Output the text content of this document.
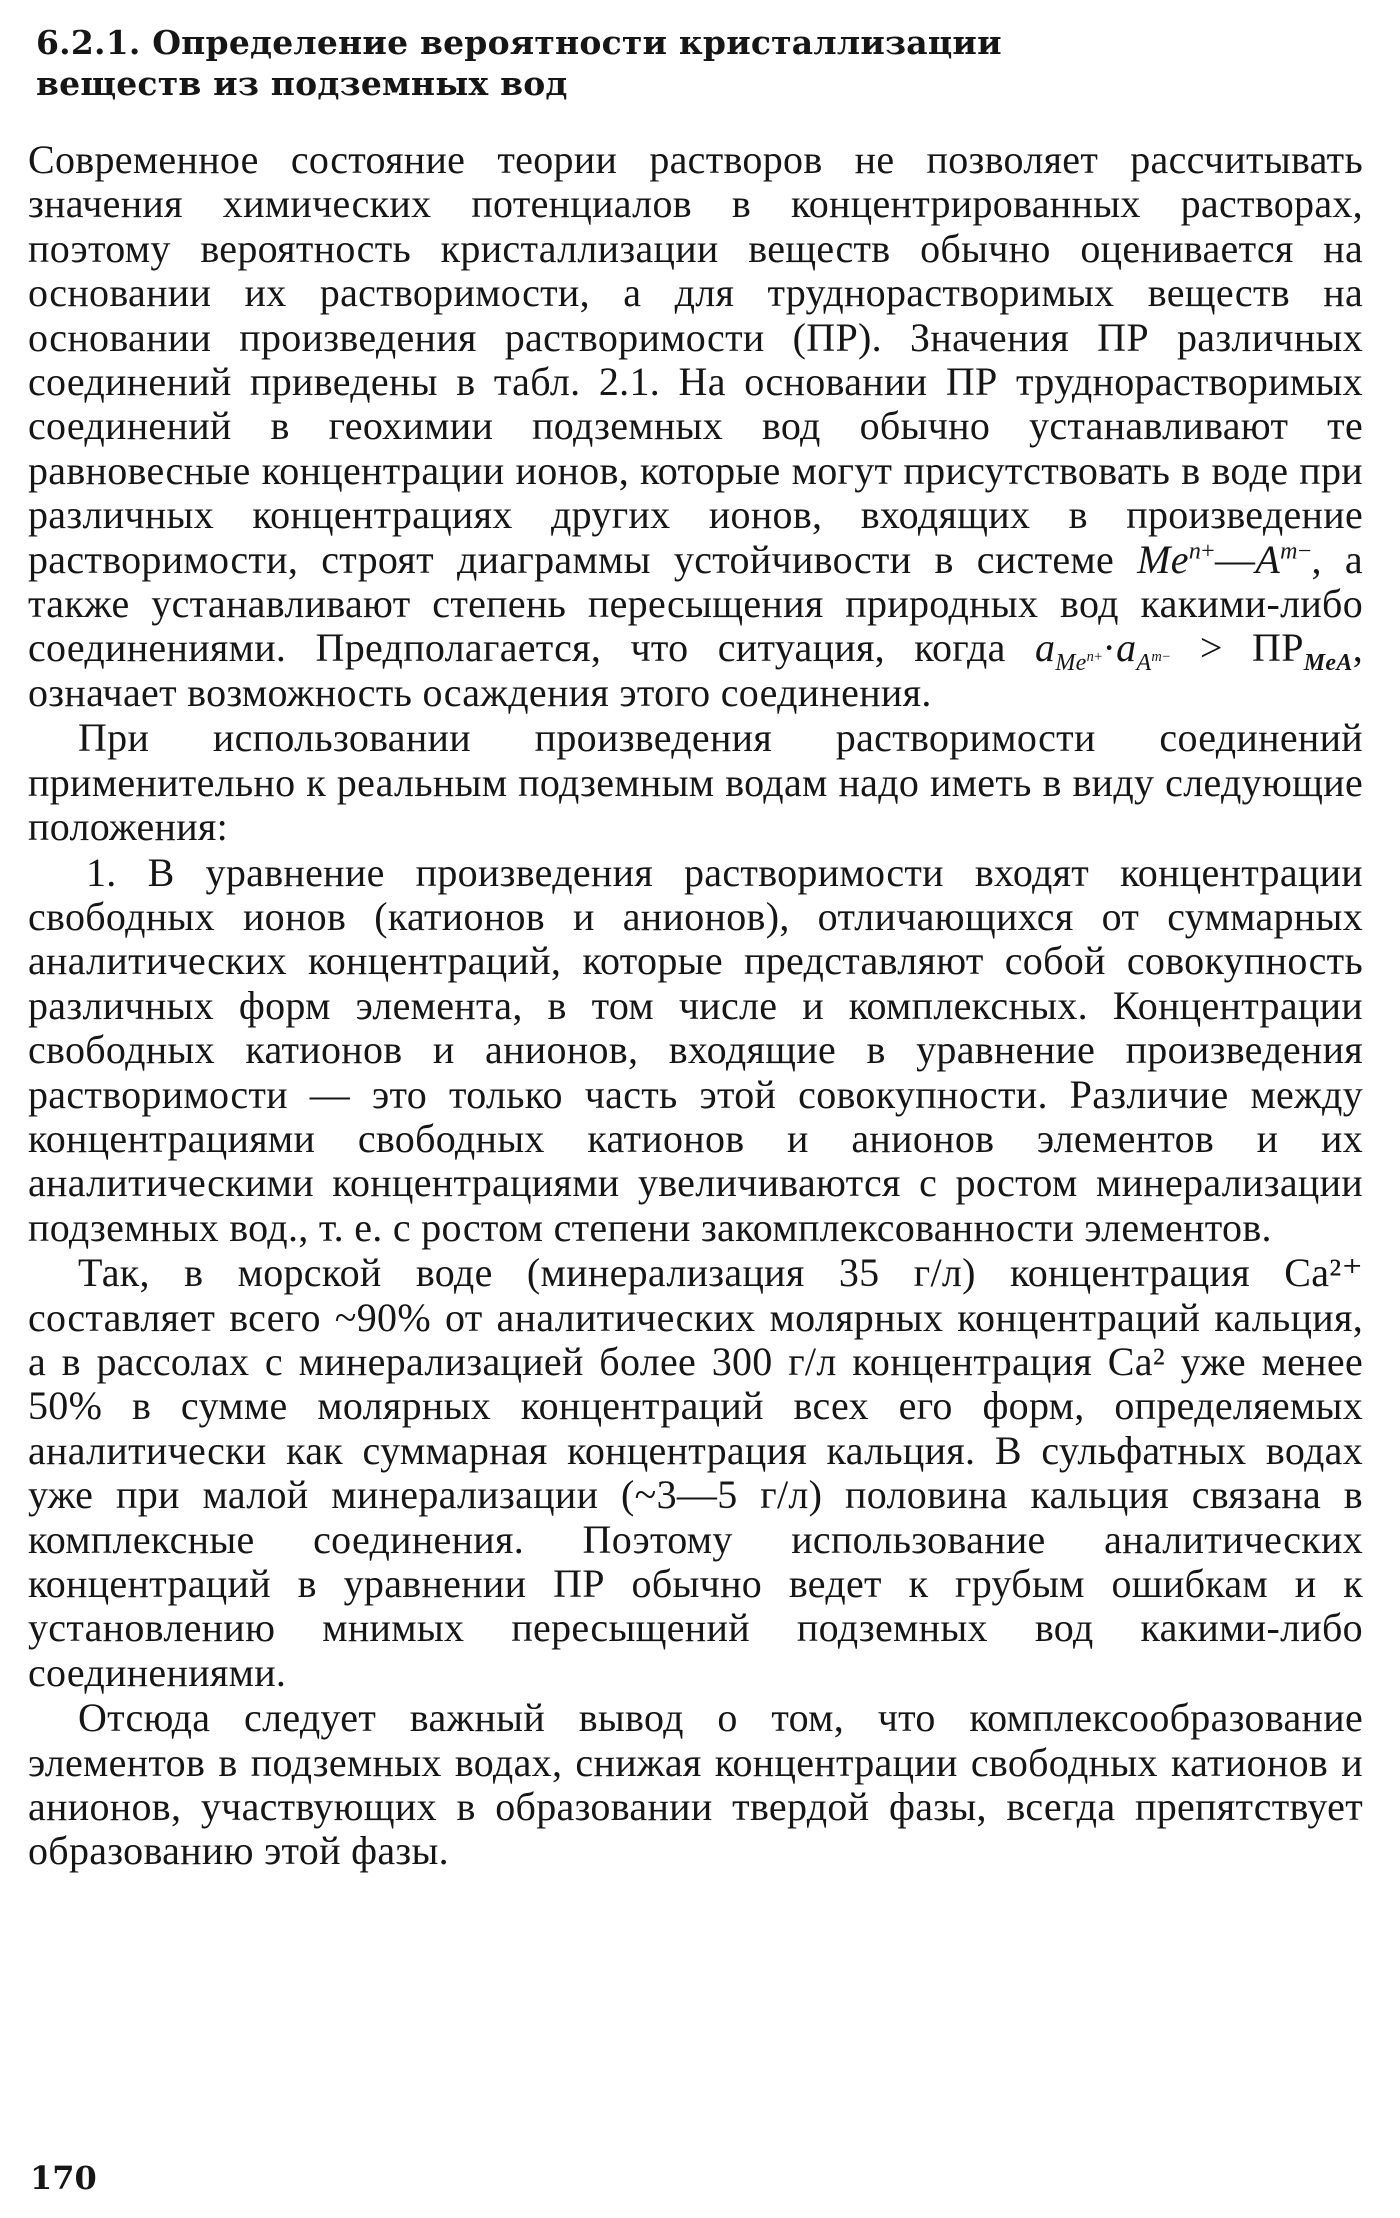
6.2.1. Определение вероятности кристаллизации
веществ из подземных вод

Современное состояние теории растворов не позволяет рассчитывать значения химических потенциалов в концентрированных растворах, поэтому вероятность кристаллизации веществ обычно оценивается на основании их растворимости, а для труднорастворимых веществ на основании произведения растворимости (ПР). Значения ПР различных соединений приведены в табл. 2.1. На основании ПР труднорастворимых соединений в геохимии подземных вод обычно устанавливают те равновесные концентрации ионов, которые могут присутствовать в воде при различных концентрациях других ионов, входящих в произведение растворимости, строят диаграммы устойчивости в системе $Me^{n+}—A^{m-}$, а также устанавливают степень пересыщения природных вод какими-либо соединениями. Предполагается, что ситуация, когда $a_{Me^{n+}}\cdot a_{A^{m-}} > ПР_{MeA}$, означает возможность осаждения этого соединения.

При использовании произведения растворимости соединений применительно к реальным подземным водам надо иметь в виду следующие положения:

1. В уравнение произведения растворимости входят концентрации свободных ионов (катионов и анионов), отличающихся от суммарных аналитических концентраций, которые представляют собой совокупность различных форм элемента, в том числе и комплексных. Концентрации свободных катионов и анионов, входящие в уравнение произведения растворимости — это только часть этой совокупности. Различие между концентрациями свободных катионов и анионов элементов и их аналитическими концентрациями увеличиваются с ростом минерализации подземных вод., т. е. с ростом степени закомплексованности элементов.

Так, в морской воде (минерализация 35 г/л) концентрация Ca²⁺ составляет всего ~90% от аналитических молярных концентраций кальция, а в рассолах с минерализацией более 300 г/л концентрация Ca² уже менее 50% в сумме молярных концентраций всех его форм, определяемых аналитически как суммарная концентрация кальция. В сульфатных водах уже при малой минерализации (~3—5 г/л) половина кальция связана в комплексные соединения. Поэтому использование аналитических концентраций в уравнении ПР обычно ведет к грубым ошибкам и к установлению мнимых пересыщений подземных вод какими-либо соединениями.

Отсюда следует важный вывод о том, что комплексообразование элементов в подземных водах, снижая концентрации свободных катионов и анионов, участвующих в образовании твердой фазы, всегда препятствует образованию этой фазы.

170
